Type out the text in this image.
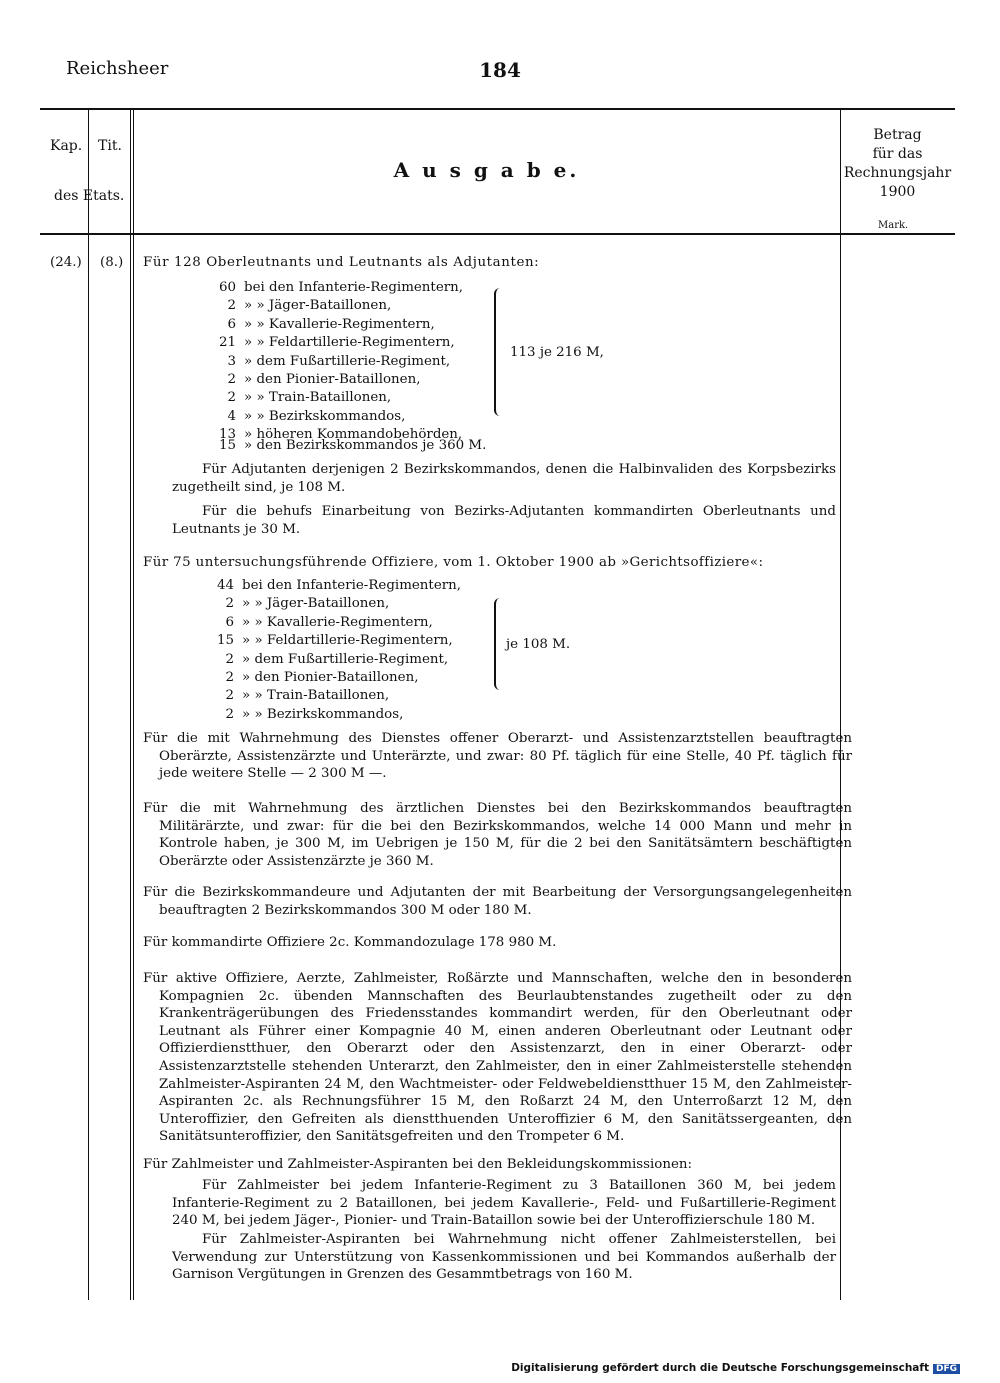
Reichsheer	184
Kap. Tit.
des Etats.
A u s g a b e.
Betrag
für das
Rechnungsjahr
1900
Mark.
(24.) (8.) Für 128 Oberleutnants und Leutnants als Adjutanten:
60
2
6
21
3
2
2
4
13
bei den Infanterie-Regimentern,
» » Jäger-Bataillonen,
» » Kavallerie-Regimentern,
» » Feldartillerie-Regimentern,
» dem Fußartillerie-Regiment,
» den Pionier-Bataillonen,
» » Train-Bataillonen,
» » Bezirkskommandos,
» höheren Kommandobehörden,
113 je 216 M,
15 » den Bezirkskommandos je 360 M.
Für Adjutanten derjenigen 2 Bezirkskommandos, denen die Halbinvaliden des Korpsbezirks zugetheilt sind, je 108 M.
Für die behufs Einarbeitung von Bezirks-Adjutanten kommandirten Oberleutnants und Leutnants je 30 M.
Für 75 untersuchungsführende Offiziere, vom 1. Oktober 1900 ab »Gerichtsoffiziere«:
44
2
6
15
2
2
2
2
bei den Infanterie-Regimentern,
» » Jäger-Bataillonen,
» » Kavallerie-Regimentern,
» » Feldartillerie-Regimentern,
» dem Fußartillerie-Regiment,
» den Pionier-Bataillonen,
» » Train-Bataillonen,
» » Bezirkskommandos,
je 108 M.
Für die mit Wahrnehmung des Dienstes offener Oberarzt- und Assistenzarztstellen beauftragten Oberärzte, Assistenzärzte und Unterärzte, und zwar: 80 Pf. täglich für eine Stelle, 40 Pf. täglich für jede weitere Stelle — 2 300 M —.
Für die mit Wahrnehmung des ärztlichen Dienstes bei den Bezirkskommandos beauftragten Militärärzte, und zwar: für die bei den Bezirkskommandos, welche 14 000 Mann und mehr in Kontrole haben, je 300 M, im Uebrigen je 150 M, für die 2 bei den Sanitätsämtern beschäftigten Oberärzte oder Assistenzärzte je 360 M.
Für die Bezirkskommandeure und Adjutanten der mit Bearbeitung der Versorgungsangelegenheiten beauftragten 2 Bezirkskommandos 300 M oder 180 M.
Für kommandirte Offiziere 2c. Kommandozulage 178 980 M.
Für aktive Offiziere, Aerzte, Zahlmeister, Roßärzte und Mannschaften, welche den in besonderen Kompagnien 2c. übenden Mannschaften des Beurlaubtenstandes zugetheilt oder zu den Krankenträgerübungen des Friedensstandes kommandirt werden, für den Oberleutnant oder Leutnant als Führer einer Kompagnie 40 M, einen anderen Oberleutnant oder Leutnant oder Offizierdienstthuer, den Oberarzt oder den Assistenzarzt, den in einer Oberarzt- oder Assistenzarztstelle stehenden Unterarzt, den Zahlmeister, den in einer Zahlmeisterstelle stehenden Zahlmeister-Aspiranten 24 M, den Wachtmeister- oder Feldwebeldienstthuer 15 M, den Zahlmeister-Aspiranten 2c. als Rechnungsführer 15 M, den Roßarzt 24 M, den Unterroßarzt 12 M, den Unteroffizier, den Gefreiten als dienstthuenden Unteroffizier 6 M, den Sanitätssergeanten, den Sanitätsunteroffizier, den Sanitätsgefreiten und den Trompeter 6 M.
Für Zahlmeister und Zahlmeister-Aspiranten bei den Bekleidungskommissionen:
Für Zahlmeister bei jedem Infanterie-Regiment zu 3 Bataillonen 360 M, bei jedem Infanterie-Regiment zu 2 Bataillonen, bei jedem Kavallerie-, Feld- und Fußartillerie-Regiment 240 M, bei jedem Jäger-, Pionier- und Train-Bataillon sowie bei der Unteroffizierschule 180 M.
Für Zahlmeister-Aspiranten bei Wahrnehmung nicht offener Zahlmeisterstellen, bei Verwendung zur Unterstützung von Kassenkommissionen und bei Kommandos außerhalb der Garnison Vergütungen in Grenzen des Gesammtbetrags von 160 M.
Digitalisierung gefördert durch die Deutsche Forschungsgemeinschaft DFG
